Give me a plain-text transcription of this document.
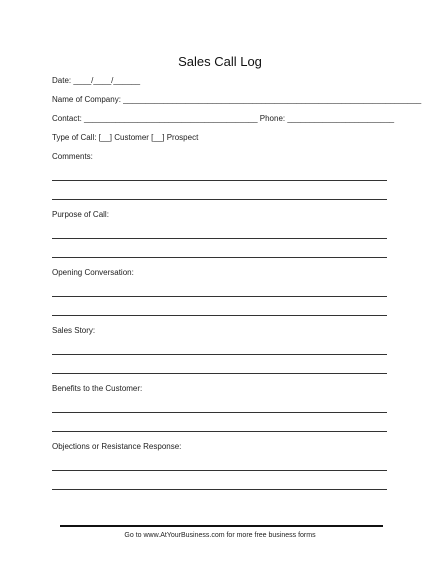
Sales Call Log
Date: ____/____/______
Name of Company: ___________________________________________________________________
Contact: _______________________________________ Phone: ________________________
Type of Call: [__] Customer [__] Prospect
Comments:
Purpose of Call:
Opening Conversation:
Sales Story:
Benefits to the Customer:
Objections or Resistance Response:
Go to www.AtYourBusiness.com for more free business forms
